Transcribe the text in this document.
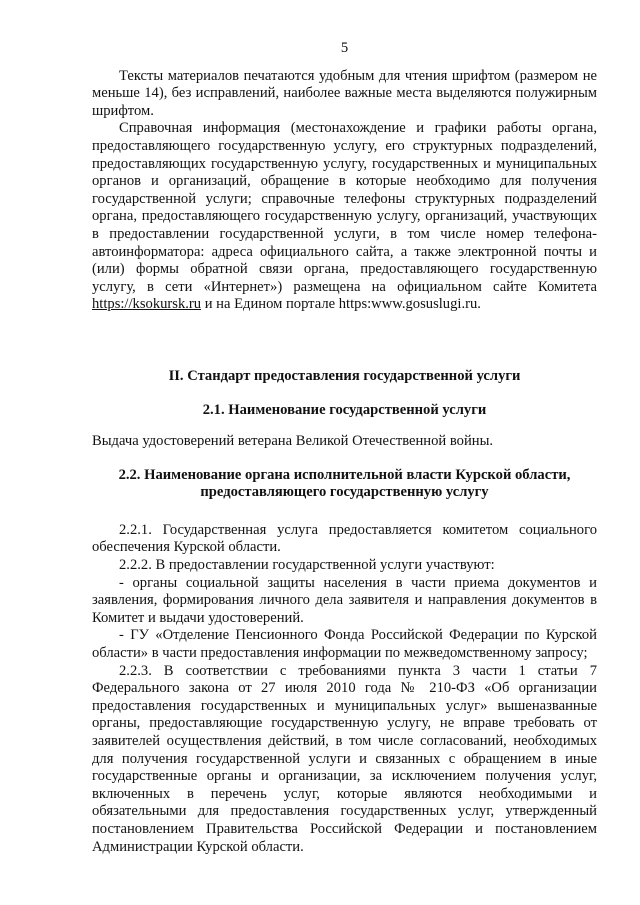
5

Тексты материалов печатаются удобным для чтения шрифтом (размером не меньше 14), без исправлений, наиболее важные места выделяются полужирным шрифтом.

Справочная информация (местонахождение и графики работы органа, предоставляющего государственную услугу, его структурных подразделений, предоставляющих государственную услугу, государственных и муниципальных органов и организаций, обращение в которые необходимо для получения государственной услуги; справочные телефоны структурных подразделений органа, предоставляющего государственную услугу, организаций, участвующих в предоставлении государственной услуги, в том числе номер телефона-автоинформатора: адреса официального сайта, а также электронной почты и (или) формы обратной связи органа, предоставляющего государственную услугу, в сети «Интернет») размещена на официальном сайте Комитета https://ksokursk.ru и на Едином портале https:www.gosuslugi.ru.

II. Стандарт предоставления государственной услуги

2.1. Наименование государственной услуги

Выдача удостоверений ветерана Великой Отечественной войны.

2.2. Наименование органа исполнительной власти Курской области, предоставляющего государственную услугу

2.2.1. Государственная услуга предоставляется комитетом социального обеспечения Курской области.

2.2.2. В предоставлении государственной услуги участвуют:

- органы социальной защиты населения в части приема документов и заявления, формирования личного дела заявителя и направления документов в Комитет и выдачи удостоверений.

- ГУ «Отделение Пенсионного Фонда Российской Федерации по Курской области» в части предоставления информации по межведомственному запросу;

2.2.3. В соответствии с требованиями пункта 3 части 1 статьи 7 Федерального закона от 27 июля 2010 года № 210-ФЗ «Об организации предоставления государственных и муниципальных услуг» вышеназванные органы, предоставляющие государственную услугу, не вправе требовать от заявителей осуществления действий, в том числе согласований, необходимых для получения государственной услуги и связанных с обращением в иные государственные органы и организации, за исключением получения услуг, включенных в перечень услуг, которые являются необходимыми и обязательными для предоставления государственных услуг, утвержденный постановлением Правительства Российской Федерации и постановлением Администрации Курской области.
